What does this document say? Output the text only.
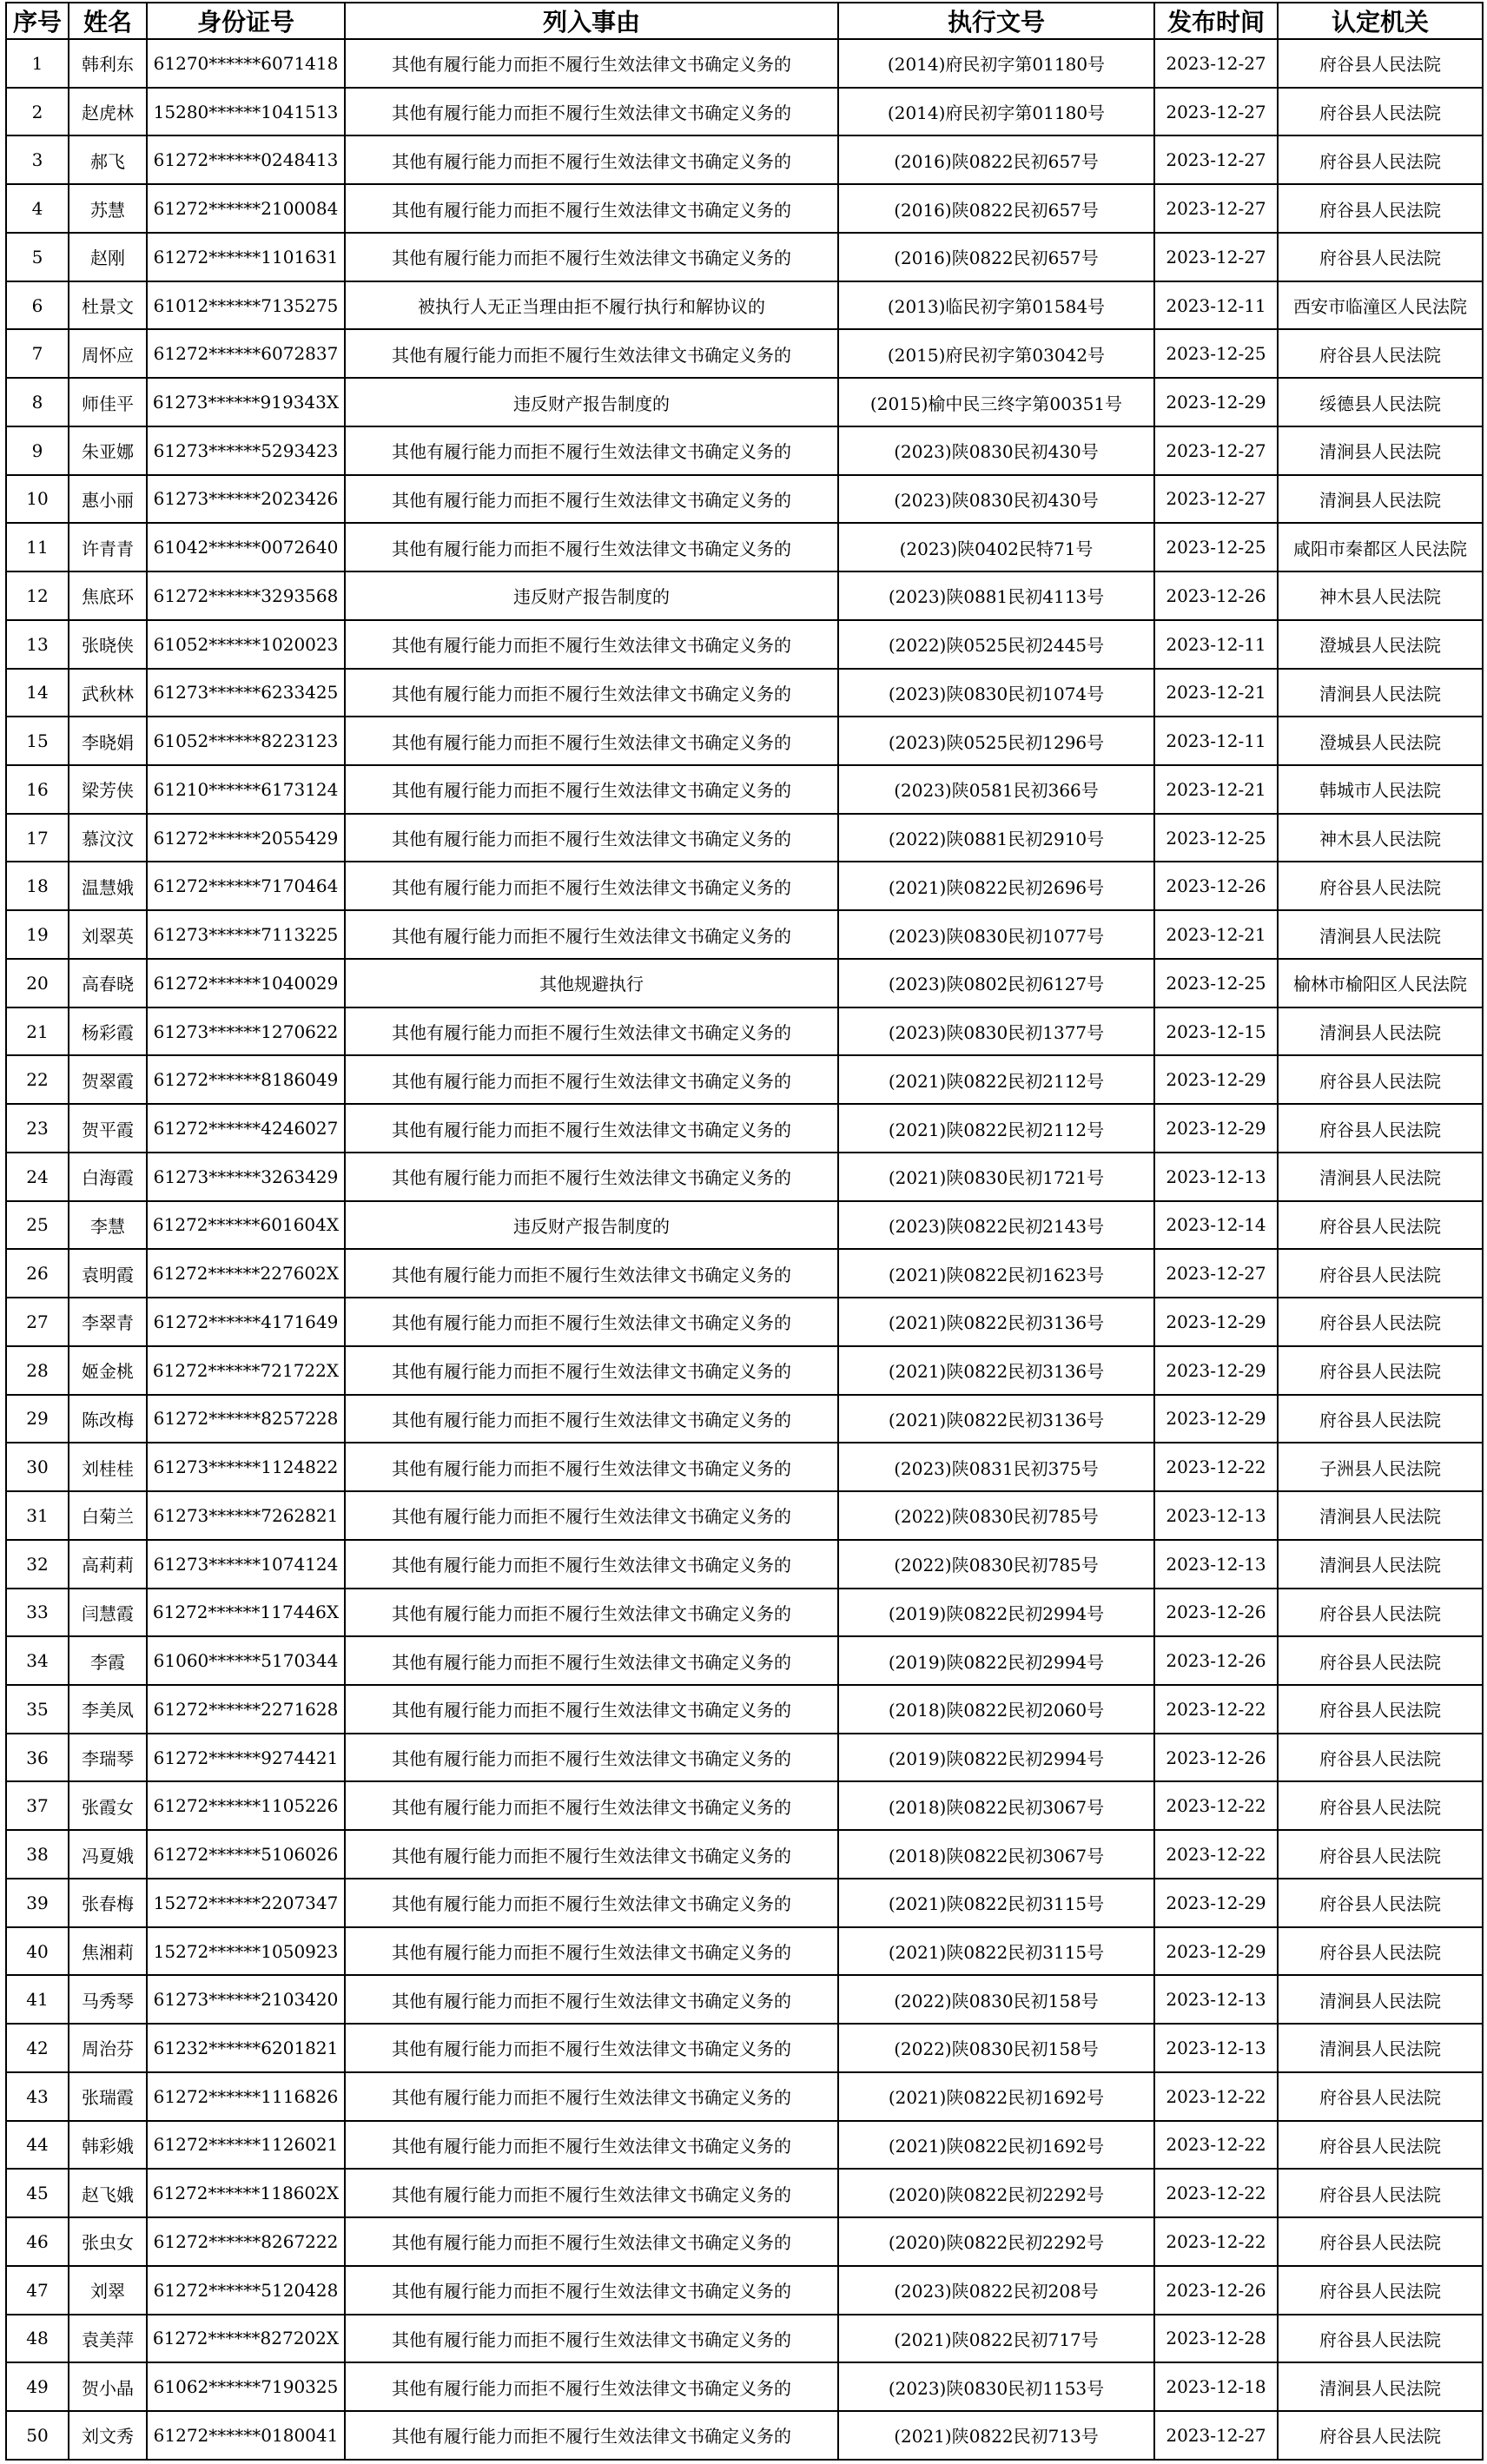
序号	姓名	身份证号	列入事由	执行文号	发布时间	认定机关
1	韩利东	61270******6071418	其他有履行能力而拒不履行生效法律文书确定义务的	(2014)府民初字第01180号	2023-12-27	府谷县人民法院
2	赵虎林	15280******1041513	其他有履行能力而拒不履行生效法律文书确定义务的	(2014)府民初字第01180号	2023-12-27	府谷县人民法院
3	郝飞	61272******0248413	其他有履行能力而拒不履行生效法律文书确定义务的	(2016)陕0822民初657号	2023-12-27	府谷县人民法院
4	苏慧	61272******2100084	其他有履行能力而拒不履行生效法律文书确定义务的	(2016)陕0822民初657号	2023-12-27	府谷县人民法院
5	赵刚	61272******1101631	其他有履行能力而拒不履行生效法律文书确定义务的	(2016)陕0822民初657号	2023-12-27	府谷县人民法院
6	杜景文	61012******7135275	被执行人无正当理由拒不履行执行和解协议的	(2013)临民初字第01584号	2023-12-11	西安市临潼区人民法院
7	周怀应	61272******6072837	其他有履行能力而拒不履行生效法律文书确定义务的	(2015)府民初字第03042号	2023-12-25	府谷县人民法院
8	师佳平	61273******919343X	违反财产报告制度的	(2015)榆中民三终字第00351号	2023-12-29	绥德县人民法院
9	朱亚娜	61273******5293423	其他有履行能力而拒不履行生效法律文书确定义务的	(2023)陕0830民初430号	2023-12-27	清涧县人民法院
10	惠小丽	61273******2023426	其他有履行能力而拒不履行生效法律文书确定义务的	(2023)陕0830民初430号	2023-12-27	清涧县人民法院
11	许青青	61042******0072640	其他有履行能力而拒不履行生效法律文书确定义务的	(2023)陕0402民特71号	2023-12-25	咸阳市秦都区人民法院
12	焦底环	61272******3293568	违反财产报告制度的	(2023)陕0881民初4113号	2023-12-26	神木县人民法院
13	张晓侠	61052******1020023	其他有履行能力而拒不履行生效法律文书确定义务的	(2022)陕0525民初2445号	2023-12-11	澄城县人民法院
14	武秋林	61273******6233425	其他有履行能力而拒不履行生效法律文书确定义务的	(2023)陕0830民初1074号	2023-12-21	清涧县人民法院
15	李晓娟	61052******8223123	其他有履行能力而拒不履行生效法律文书确定义务的	(2023)陕0525民初1296号	2023-12-11	澄城县人民法院
16	梁芳侠	61210******6173124	其他有履行能力而拒不履行生效法律文书确定义务的	(2023)陕0581民初366号	2023-12-21	韩城市人民法院
17	慕汶汶	61272******2055429	其他有履行能力而拒不履行生效法律文书确定义务的	(2022)陕0881民初2910号	2023-12-25	神木县人民法院
18	温慧娥	61272******7170464	其他有履行能力而拒不履行生效法律文书确定义务的	(2021)陕0822民初2696号	2023-12-26	府谷县人民法院
19	刘翠英	61273******7113225	其他有履行能力而拒不履行生效法律文书确定义务的	(2023)陕0830民初1077号	2023-12-21	清涧县人民法院
20	高春晓	61272******1040029	其他规避执行	(2023)陕0802民初6127号	2023-12-25	榆林市榆阳区人民法院
21	杨彩霞	61273******1270622	其他有履行能力而拒不履行生效法律文书确定义务的	(2023)陕0830民初1377号	2023-12-15	清涧县人民法院
22	贺翠霞	61272******8186049	其他有履行能力而拒不履行生效法律文书确定义务的	(2021)陕0822民初2112号	2023-12-29	府谷县人民法院
23	贺平霞	61272******4246027	其他有履行能力而拒不履行生效法律文书确定义务的	(2021)陕0822民初2112号	2023-12-29	府谷县人民法院
24	白海霞	61273******3263429	其他有履行能力而拒不履行生效法律文书确定义务的	(2021)陕0830民初1721号	2023-12-13	清涧县人民法院
25	李慧	61272******601604X	违反财产报告制度的	(2023)陕0822民初2143号	2023-12-14	府谷县人民法院
26	袁明霞	61272******227602X	其他有履行能力而拒不履行生效法律文书确定义务的	(2021)陕0822民初1623号	2023-12-27	府谷县人民法院
27	李翠青	61272******4171649	其他有履行能力而拒不履行生效法律文书确定义务的	(2021)陕0822民初3136号	2023-12-29	府谷县人民法院
28	姬金桃	61272******721722X	其他有履行能力而拒不履行生效法律文书确定义务的	(2021)陕0822民初3136号	2023-12-29	府谷县人民法院
29	陈改梅	61272******8257228	其他有履行能力而拒不履行生效法律文书确定义务的	(2021)陕0822民初3136号	2023-12-29	府谷县人民法院
30	刘桂桂	61273******1124822	其他有履行能力而拒不履行生效法律文书确定义务的	(2023)陕0831民初375号	2023-12-22	子洲县人民法院
31	白菊兰	61273******7262821	其他有履行能力而拒不履行生效法律文书确定义务的	(2022)陕0830民初785号	2023-12-13	清涧县人民法院
32	高莉莉	61273******1074124	其他有履行能力而拒不履行生效法律文书确定义务的	(2022)陕0830民初785号	2023-12-13	清涧县人民法院
33	闫慧霞	61272******117446X	其他有履行能力而拒不履行生效法律文书确定义务的	(2019)陕0822民初2994号	2023-12-26	府谷县人民法院
34	李霞	61060******5170344	其他有履行能力而拒不履行生效法律文书确定义务的	(2019)陕0822民初2994号	2023-12-26	府谷县人民法院
35	李美凤	61272******2271628	其他有履行能力而拒不履行生效法律文书确定义务的	(2018)陕0822民初2060号	2023-12-22	府谷县人民法院
36	李瑞琴	61272******9274421	其他有履行能力而拒不履行生效法律文书确定义务的	(2019)陕0822民初2994号	2023-12-26	府谷县人民法院
37	张霞女	61272******1105226	其他有履行能力而拒不履行生效法律文书确定义务的	(2018)陕0822民初3067号	2023-12-22	府谷县人民法院
38	冯夏娥	61272******5106026	其他有履行能力而拒不履行生效法律文书确定义务的	(2018)陕0822民初3067号	2023-12-22	府谷县人民法院
39	张春梅	15272******2207347	其他有履行能力而拒不履行生效法律文书确定义务的	(2021)陕0822民初3115号	2023-12-29	府谷县人民法院
40	焦湘莉	15272******1050923	其他有履行能力而拒不履行生效法律文书确定义务的	(2021)陕0822民初3115号	2023-12-29	府谷县人民法院
41	马秀琴	61273******2103420	其他有履行能力而拒不履行生效法律文书确定义务的	(2022)陕0830民初158号	2023-12-13	清涧县人民法院
42	周治芬	61232******6201821	其他有履行能力而拒不履行生效法律文书确定义务的	(2022)陕0830民初158号	2023-12-13	清涧县人民法院
43	张瑞霞	61272******1116826	其他有履行能力而拒不履行生效法律文书确定义务的	(2021)陕0822民初1692号	2023-12-22	府谷县人民法院
44	韩彩娥	61272******1126021	其他有履行能力而拒不履行生效法律文书确定义务的	(2021)陕0822民初1692号	2023-12-22	府谷县人民法院
45	赵飞娥	61272******118602X	其他有履行能力而拒不履行生效法律文书确定义务的	(2020)陕0822民初2292号	2023-12-22	府谷县人民法院
46	张虫女	61272******8267222	其他有履行能力而拒不履行生效法律文书确定义务的	(2020)陕0822民初2292号	2023-12-22	府谷县人民法院
47	刘翠	61272******5120428	其他有履行能力而拒不履行生效法律文书确定义务的	(2023)陕0822民初208号	2023-12-26	府谷县人民法院
48	袁美萍	61272******827202X	其他有履行能力而拒不履行生效法律文书确定义务的	(2021)陕0822民初717号	2023-12-28	府谷县人民法院
49	贺小晶	61062******7190325	其他有履行能力而拒不履行生效法律文书确定义务的	(2023)陕0830民初1153号	2023-12-18	清涧县人民法院
50	刘文秀	61272******0180041	其他有履行能力而拒不履行生效法律文书确定义务的	(2021)陕0822民初713号	2023-12-27	府谷县人民法院
